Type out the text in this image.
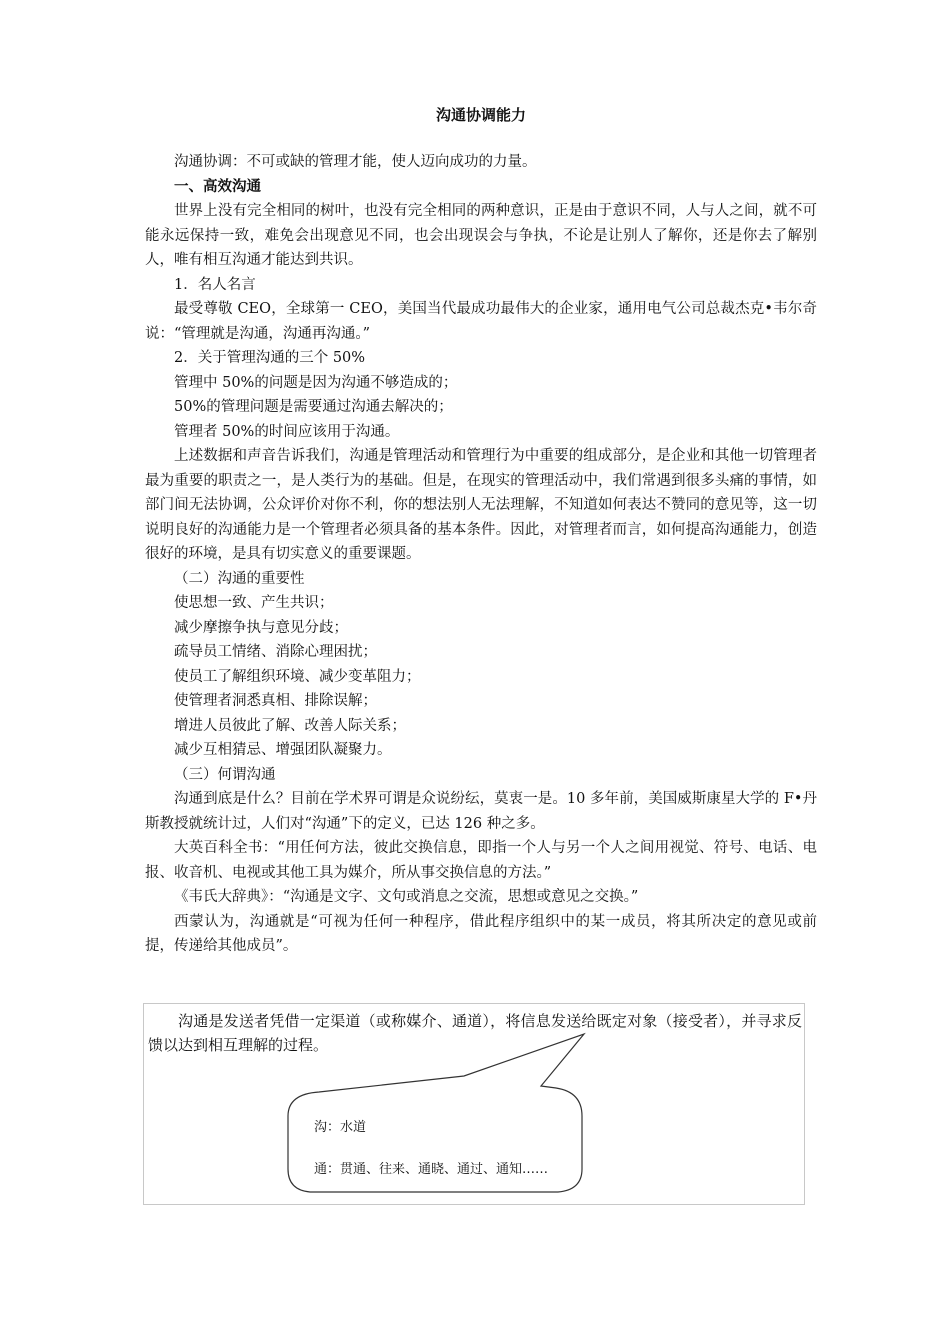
沟通协调能力

沟通协调：不可或缺的管理才能，使人迈向成功的力量。

一、高效沟通

世界上没有完全相同的树叶，也没有完全相同的两种意识，正是由于意识不同，人与人之间，就不可能永远保持一致，难免会出现意见不同，也会出现误会与争执，不论是让别人了解你，还是你去了解别人，唯有相互沟通才能达到共识。

1．名人名言

最受尊敬 CEO，全球第一 CEO，美国当代最成功最伟大的企业家，通用电气公司总裁杰克•韦尔奇说：“管理就是沟通，沟通再沟通。”

2．关于管理沟通的三个 50%

管理中 50%的问题是因为沟通不够造成的；

50%的管理问题是需要通过沟通去解决的；

管理者 50%的时间应该用于沟通。

上述数据和声音告诉我们，沟通是管理活动和管理行为中重要的组成部分，是企业和其他一切管理者最为重要的职责之一，是人类行为的基础。但是，在现实的管理活动中，我们常遇到很多头痛的事情，如部门间无法协调，公众评价对你不利，你的想法别人无法理解，不知道如何表达不赞同的意见等，这一切说明良好的沟通能力是一个管理者必须具备的基本条件。因此，对管理者而言，如何提高沟通能力，创造很好的环境，是具有切实意义的重要课题。

（二）沟通的重要性

使思想一致、产生共识；

减少摩擦争执与意见分歧；

疏导员工情绪、消除心理困扰；

使员工了解组织环境、减少变革阻力；

使管理者洞悉真相、排除误解；

增进人员彼此了解、改善人际关系；

减少互相猜忌、增强团队凝聚力。

（三）何谓沟通

沟通到底是什么？目前在学术界可谓是众说纷纭，莫衷一是。10 多年前，美国威斯康星大学的 F•丹斯教授就统计过，人们对“沟通”下的定义，已达 126 种之多。

大英百科全书：“用任何方法，彼此交换信息，即指一个人与另一个人之间用视觉、符号、电话、电报、收音机、电视或其他工具为媒介，所从事交换信息的方法。”

《韦氏大辞典》：“沟通是文字、文句或消息之交流，思想或意见之交换。”

西蒙认为，沟通就是“可视为任何一种程序，借此程序组织中的某一成员，将其所决定的意见或前提，传递给其他成员”。

沟通是发送者凭借一定渠道（或称媒介、通道），将信息发送给既定对象（接受者），并寻求反馈以达到相互理解的过程。

沟：水道
通：贯通、往来、通晓、通过、通知……
